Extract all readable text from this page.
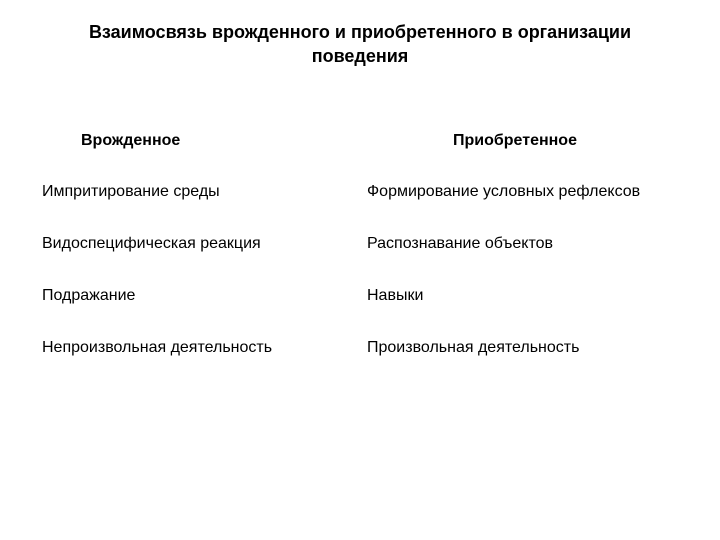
Взаимосвязь врожденного и приобретенного в организации
поведения
Врожденное	Приобретенное
Импритирование среды	Формирование условных рефлексов
Видоспецифическая реакция	Распознавание объектов
Подражание	Навыки
Непроизвольная деятельность	Произвольная деятельность
